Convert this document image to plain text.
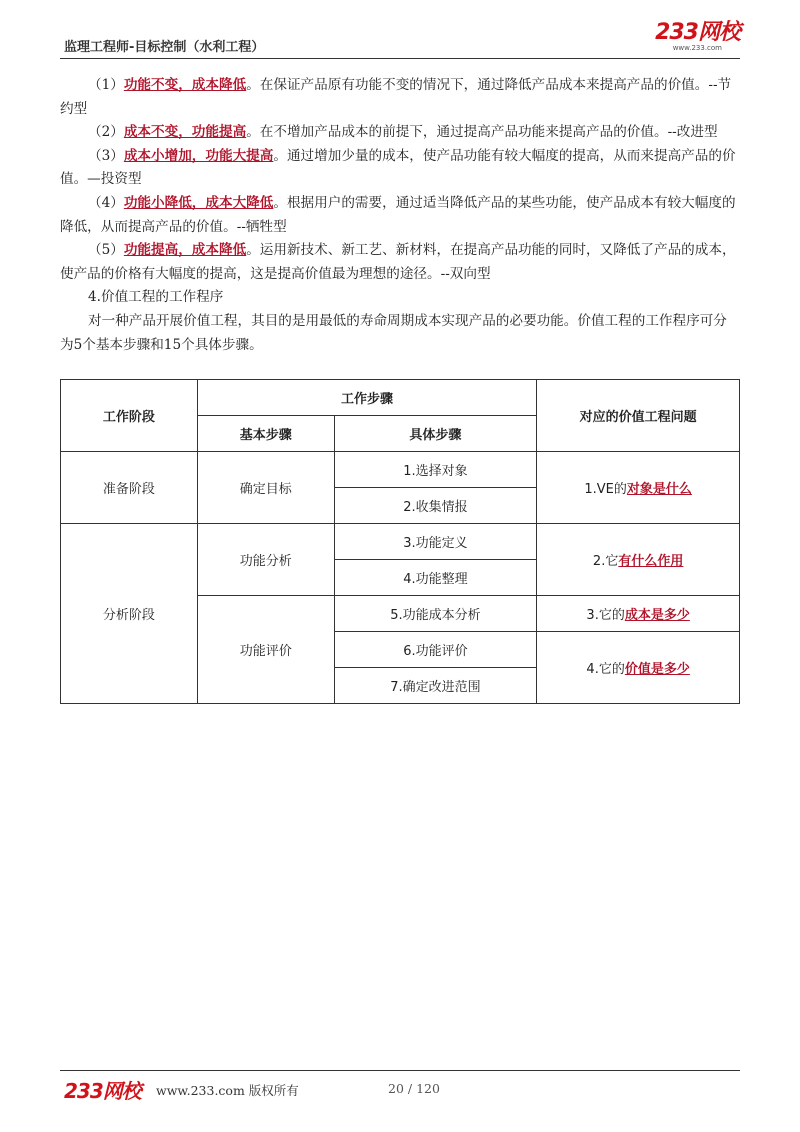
监理工程师-目标控制（水利工程）
233网校
www.233.com

（1）功能不变，成本降低。在保证产品原有功能不变的情况下，通过降低产品成本来提高产品的价值。--节约型

（2）成本不变，功能提高。在不增加产品成本的前提下，通过提高产品功能来提高产品的价值。--改进型

（3）成本小增加，功能大提高。通过增加少量的成本，使产品功能有较大幅度的提高，从而来提高产品的价值。—投资型

（4）功能小降低，成本大降低。根据用户的需要，通过适当降低产品的某些功能，使产品成本有较大幅度的降低，从而提高产品的价值。--牺牲型

（5）功能提高，成本降低。运用新技术、新工艺、新材料，在提高产品功能的同时，又降低了产品的成本，使产品的价格有大幅度的提高，这是提高价值最为理想的途径。--双向型

4.价值工程的工作程序

对一种产品开展价值工程，其目的是用最低的寿命周期成本实现产品的必要功能。价值工程的工作程序可分为5个基本步骤和15个具体步骤。

工作阶段	工作步骤		对应的价值工程问题
	基本步骤	具体步骤	
准备阶段	确定目标	1.选择对象	1.VE的对象是什么
		2.收集情报	
分析阶段	功能分析	3.功能定义	2.它有什么作用
		4.功能整理	
	功能评价	5.功能成本分析	3.它的成本是多少
		6.功能评价	4.它的价值是多少
		7.确定改进范围	
233网校 www.233.com 版权所有	20 / 120
